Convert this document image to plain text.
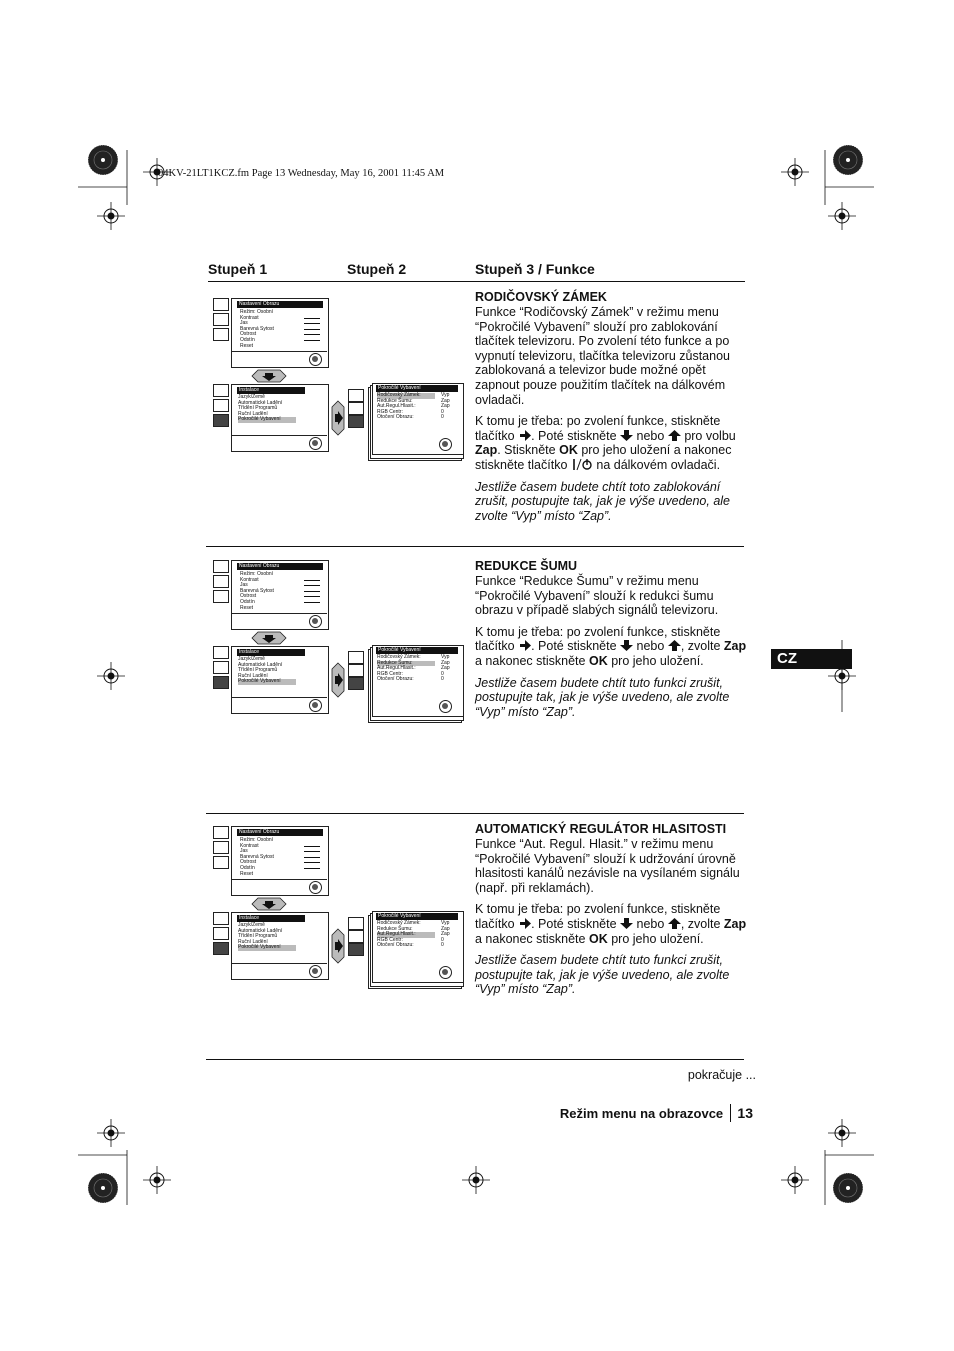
04KV-21LT1KCZ.fm Page 13 Wednesday, May 16, 2001 11:45 AM
Stupeň 1	Stupeň 2	Stupeň 3 / Funkce
Nastavení Obrazu
Režim: Osobní
Kontrast
Jas
Barevná Sytost
Ostrost
Odstín
Reset
Instalace
Jazyk/Země
Automatické Ladění
Třídění Programů
Ruční Ladění
Pokročilé Vybavení
Pokročilé Vybavení
Rodičovský Zámek:	Vyp
Redukce Šumu:	Zap
Aut.Regul.Hlasit.:	Zap
RGB Centr:	0
Otočení Obrazu:	0
Nastavení Obrazu
Režim: Osobní
Kontrast
Jas
Barevná Sytost
Ostrost
Odstín
Reset
Instalace
Jazyk/Země
Automatické Ladění
Třídění Programů
Ruční Ladění
Pokročilé Vybavení
Pokročilé Vybavení
Rodičovský Zámek:	Vyp
Redukce Šumu:	Zap
Aut.Regul.Hlasit.:	Zap
RGB Centr:	0
Otočení Obrazu:	0
Nastavení Obrazu
Režim: Osobní
Kontrast
Jas
Barevná Sytost
Ostrost
Odstín
Reset
Instalace
Jazyk/Země
Automatické Ladění
Třídění Programů
Ruční Ladění
Pokročilé Vybavení
Pokročilé Vybavení
Rodičovský Zámek:	Vyp
Redukce Šumu:	Zap
Aut.Regul.Hlasit.:	Zap
RGB Centr:	0
Otočení Obrazu:	0
RODIČOVSKÝ ZÁMEK

Funkce “Rodičovský Zámek” v režimu menu “Pokročilé Vybavení” slouží pro zablokování tlačítek televizoru. Po zvolení této funkce a po vypnutí televizoru, tlačítka televizoru zůstanou zablokovaná a televizor bude možné opět zapnout pouze použitím tlačítek na dálkovém ovladači.

K tomu je třeba: po zvolení funkce, stiskněte tlačítko . Poté stiskněte nebo pro volbu Zap. Stiskněte OK pro jeho uložení a nakonec stiskněte tlačítko na dálkovém ovladači.

Jestliže časem budete chtít toto zablokování zrušit, postupujte tak, jak je výše uvedeno, ale zvolte “Vyp” místo “Zap”.

REDUKCE ŠUMU

Funkce “Redukce Šumu” v režimu menu “Pokročilé Vybavení” slouží k redukci šumu obrazu v případě slabých signálů televizoru.

K tomu je třeba: po zvolení funkce, stiskněte tlačítko . Poté stiskněte nebo , zvolte Zap a nakonec stiskněte OK pro jeho uložení.

Jestliže časem budete chtít tuto funkci zrušit, postupujte tak, jak je výše uvedeno, ale zvolte “Vyp” místo “Zap”.

AUTOMATICKÝ REGULÁTOR HLASITOSTI

Funkce “Aut. Regul. Hlasit.” v režimu menu “Pokročilé Vybavení” slouží k udržování úrovně hlasitosti kanálů nezávisle na vysílaném signálu (např. při reklamách).

K tomu je třeba: po zvolení funkce, stiskněte tlačítko . Poté stiskněte nebo , zvolte Zap a nakonec stiskněte OK pro jeho uložení.

Jestliže časem budete chtít tuto funkci zrušit, postupujte tak, jak je výše uvedeno, ale zvolte “Vyp” místo “Zap”.

CZ
pokračuje ...
Režim menu na obrazovce 13
